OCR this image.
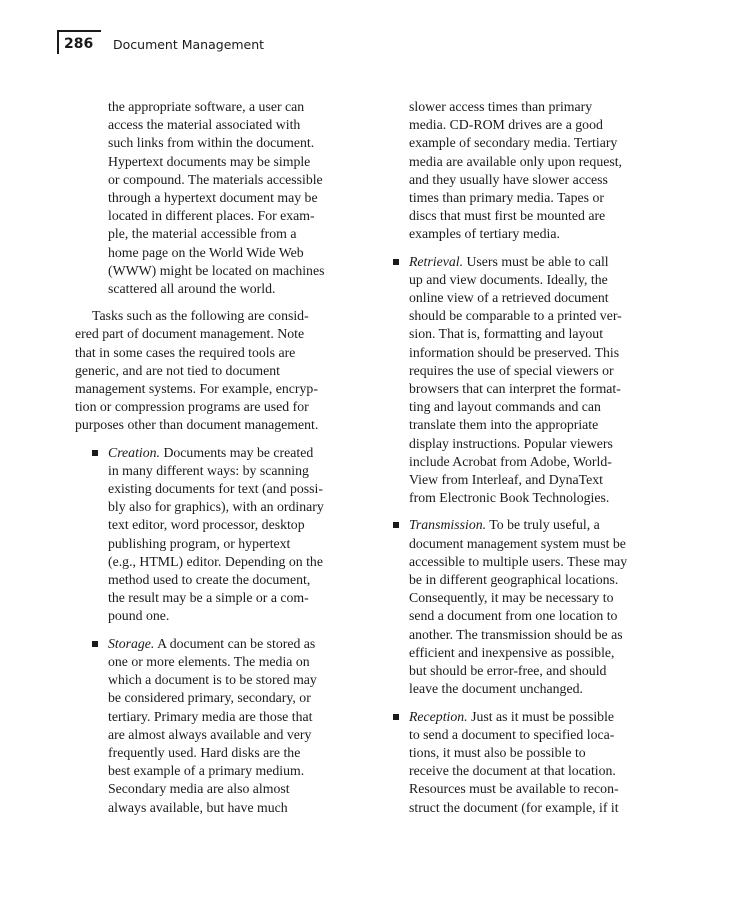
286 Document Management
the appropriate software, a user can
access the material associated with
such links from within the document.
Hypertext documents may be simple
or compound. The materials accessible
through a hypertext document may be
located in different places. For exam-
ple, the material accessible from a
home page on the World Wide Web
(WWW) might be located on machines
scattered all around the world.
Tasks such as the following are consid-
ered part of document management. Note
that in some cases the required tools are
generic, and are not tied to document
management systems. For example, encryp-
tion or compression programs are used for
purposes other than document management.
Creation. Documents may be created
in many different ways: by scanning
existing documents for text (and possi-
bly also for graphics), with an ordinary
text editor, word processor, desktop
publishing program, or hypertext
(e.g., HTML) editor. Depending on the
method used to create the document,
the result may be a simple or a com-
pound one.
Storage. A document can be stored as
one or more elements. The media on
which a document is to be stored may
be considered primary, secondary, or
tertiary. Primary media are those that
are almost always available and very
frequently used. Hard disks are the
best example of a primary medium.
Secondary media are also almost
always available, but have much
slower access times than primary
media. CD-ROM drives are a good
example of secondary media. Tertiary
media are available only upon request,
and they usually have slower access
times than primary media. Tapes or
discs that must first be mounted are
examples of tertiary media.
Retrieval. Users must be able to call
up and view documents. Ideally, the
online view of a retrieved document
should be comparable to a printed ver-
sion. That is, formatting and layout
information should be preserved. This
requires the use of special viewers or
browsers that can interpret the format-
ting and layout commands and can
translate them into the appropriate
display instructions. Popular viewers
include Acrobat from Adobe, World-
View from Interleaf, and DynaText
from Electronic Book Technologies.
Transmission. To be truly useful, a
document management system must be
accessible to multiple users. These may
be in different geographical locations.
Consequently, it may be necessary to
send a document from one location to
another. The transmission should be as
efficient and inexpensive as possible,
but should be error-free, and should
leave the document unchanged.
Reception. Just as it must be possible
to send a document to specified loca-
tions, it must also be possible to
receive the document at that location.
Resources must be available to recon-
struct the document (for example, if it
